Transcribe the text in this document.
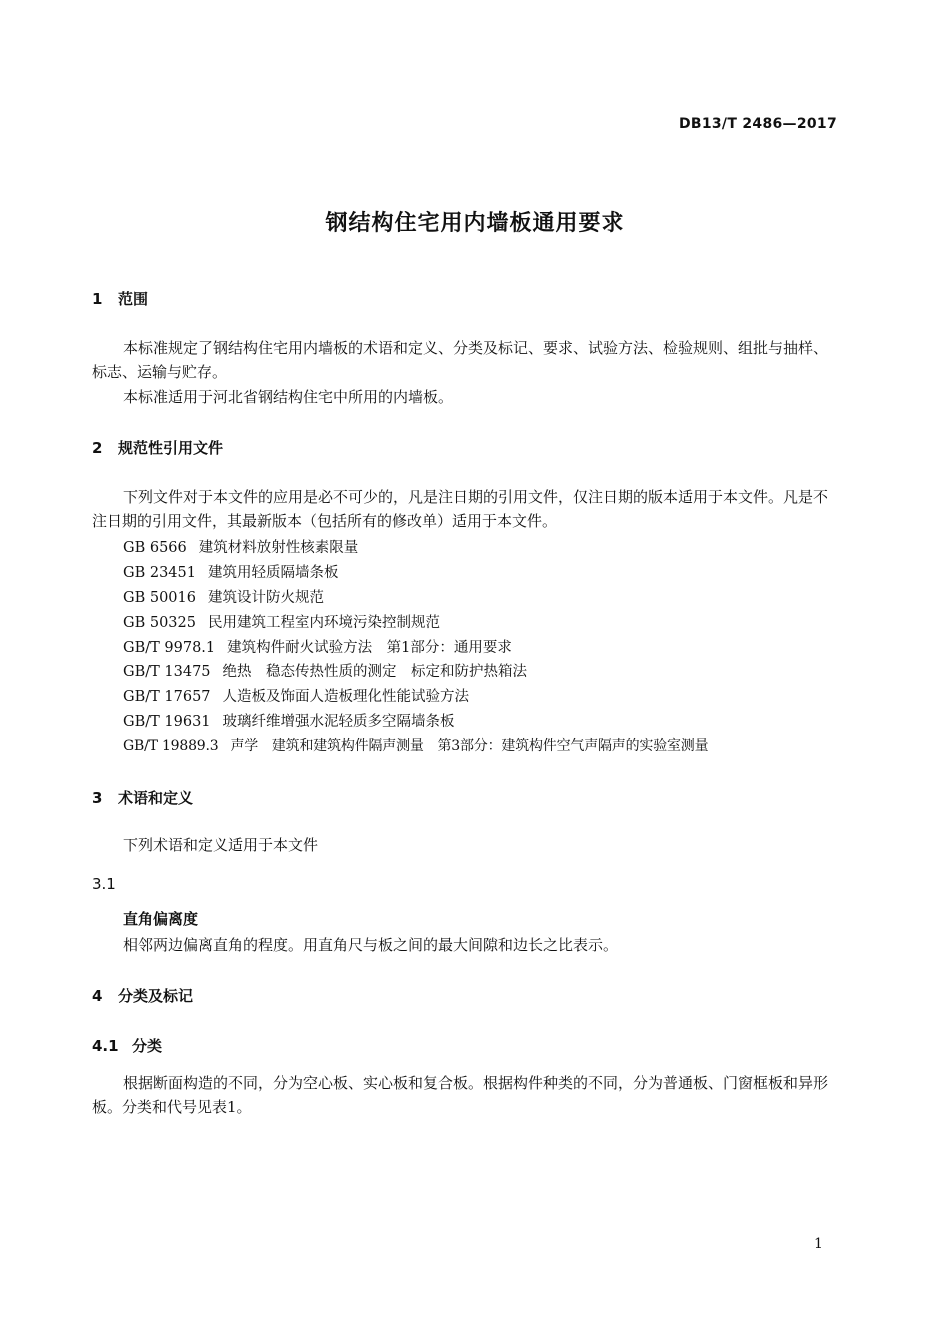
DB13/T 2486—2017
钢结构住宅用内墙板通用要求
1 范围
本标准规定了钢结构住宅用内墙板的术语和定义、分类及标记、要求、试验方法、检验规则、组批与抽样、标志、运输与贮存。
本标准适用于河北省钢结构住宅中所用的内墙板。
2 规范性引用文件
下列文件对于本文件的应用是必不可少的，凡是注日期的引用文件，仅注日期的版本适用于本文件。凡是不注日期的引用文件，其最新版本（包括所有的修改单）适用于本文件。
GB 6566 建筑材料放射性核素限量
GB 23451 建筑用轻质隔墙条板
GB 50016 建筑设计防火规范
GB 50325 民用建筑工程室内环境污染控制规范
GB/T 9978.1 建筑构件耐火试验方法　第1部分：通用要求
GB/T 13475 绝热　稳态传热性质的测定　标定和防护热箱法
GB/T 17657 人造板及饰面人造板理化性能试验方法
GB/T 19631 玻璃纤维增强水泥轻质多空隔墙条板
GB/T 19889.3 声学　建筑和建筑构件隔声测量　第3部分：建筑构件空气声隔声的实验室测量
3 术语和定义
下列术语和定义适用于本文件
3.1
直角偏离度
相邻两边偏离直角的程度。用直角尺与板之间的最大间隙和边长之比表示。
4 分类及标记
4.1 分类
根据断面构造的不同，分为空心板、实心板和复合板。根据构件种类的不同，分为普通板、门窗框板和异形板。分类和代号见表1。
1
